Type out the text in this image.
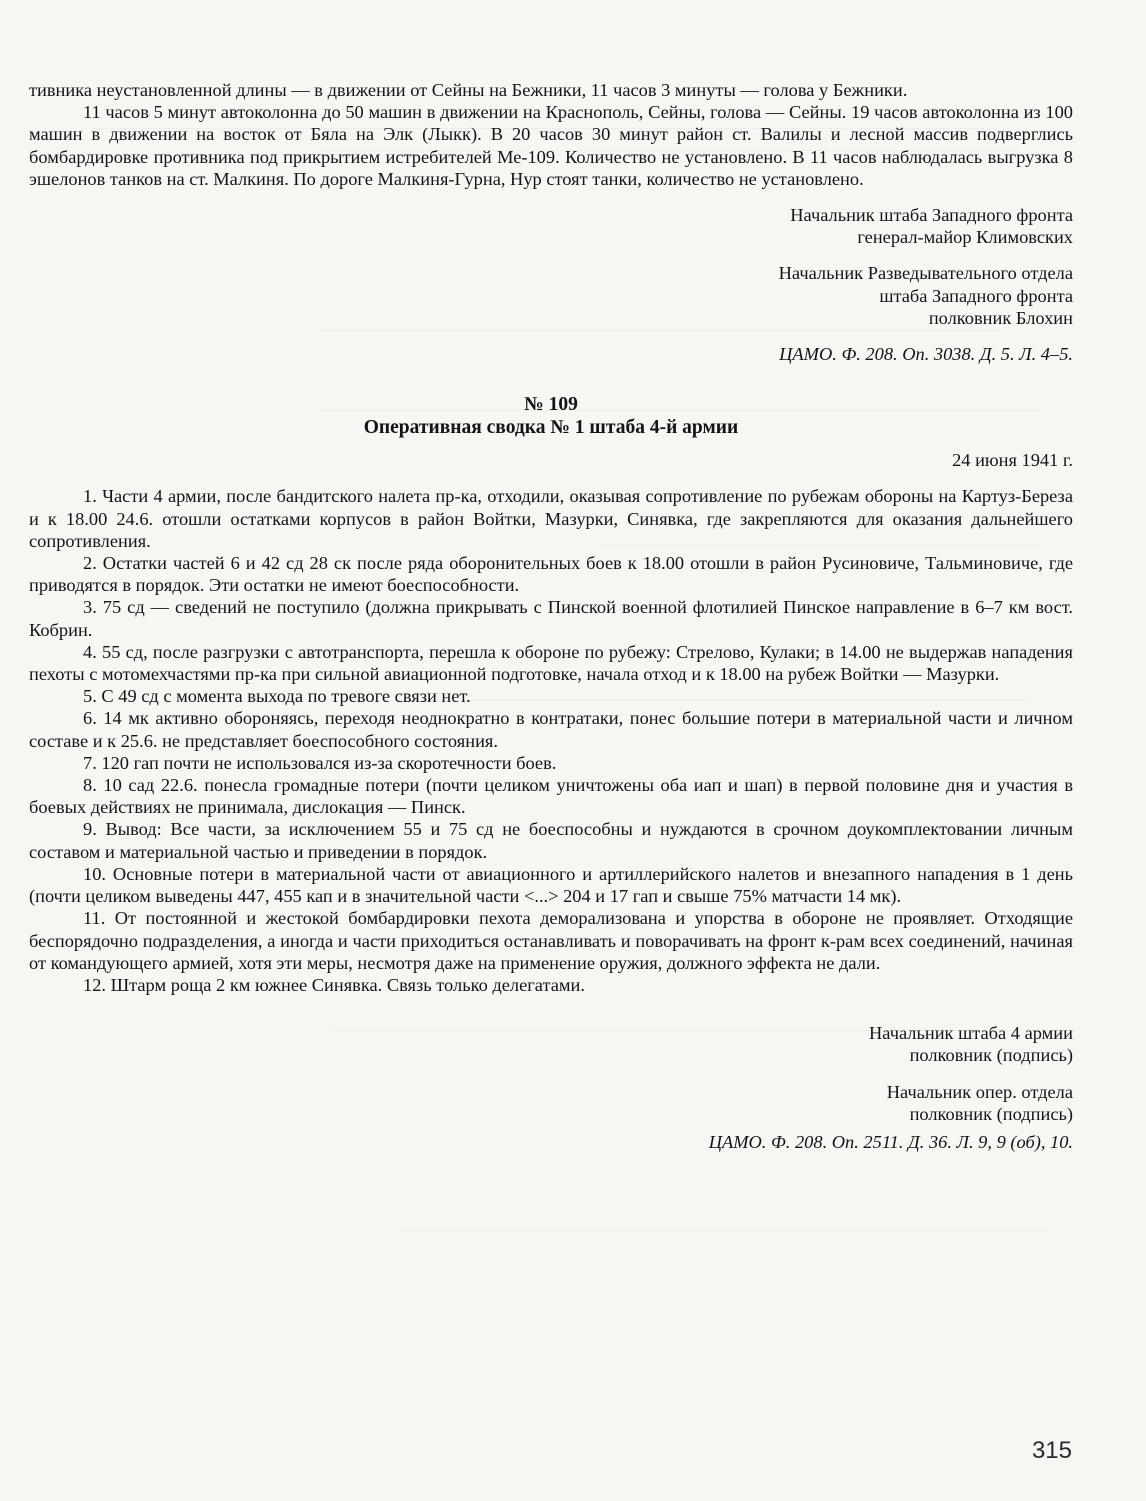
тивника неустановленной длины — в движении от Сейны на Бежники, 11 часов 3 минуты — голова у Бежники.

11 часов 5 минут автоколонна до 50 машин в движении на Краснополь, Сейны, голова — Сейны. 19 часов автоколонна из 100 машин в движении на восток от Бяла на Элк (Лыкк). В 20 часов 30 минут район ст. Валилы и лесной массив подверглись бомбардировке противника под прикрытием истребителей Ме-109. Количество не установлено. В 11 часов наблюдалась выгрузка 8 эшелонов танков на ст. Малкиня. По дороге Малкиня-Гурна, Нур стоят танки, количество не установлено.

Начальник штаба Западного фронта

генерал-майор Климовских

Начальник Разведывательного отдела

штаба Западного фронта

полковник Блохин

ЦАМО. Ф. 208. Оп. 3038. Д. 5. Л. 4–5.

№ 109

Оперативная сводка № 1 штаба 4-й армии

24 июня 1941 г.

1. Части 4 армии, после бандитского налета пр-ка, отходили, оказывая сопротивление по рубежам обороны на Картуз-Береза и к 18.00 24.6. отошли остатками корпусов в район Войтки, Мазурки, Синявка, где закрепляются для оказания дальнейшего сопротивления.

2. Остатки частей 6 и 42 сд 28 ск после ряда оборонительных боев к 18.00 отошли в район Русиновиче, Тальминовиче, где приводятся в порядок. Эти остатки не имеют боеспособности.

3. 75 сд — сведений не поступило (должна прикрывать с Пинской военной флотилией Пинское направление в 6–7 км вост. Кобрин.

4. 55 сд, после разгрузки с автотранспорта, перешла к обороне по рубежу: Стрелово, Кулаки; в 14.00 не выдержав нападения пехоты с мотомехчастями пр-ка при сильной авиационной подготовке, начала отход и к 18.00 на рубеж Войтки — Мазурки.

5. С 49 сд с момента выхода по тревоге связи нет.

6. 14 мк активно обороняясь, переходя неоднократно в контратаки, понес большие потери в материальной части и личном составе и к 25.6. не представляет боеспособного состояния.

7. 120 гап почти не использовался из-за скоротечности боев.

8. 10 сад 22.6. понесла громадные потери (почти целиком уничтожены оба иап и шап) в первой половине дня и участия в боевых действиях не принимала, дислокация — Пинск.

9. Вывод: Все части, за исключением 55 и 75 сд не боеспособны и нуждаются в срочном доукомплектовании личным составом и материальной частью и приведении в порядок.

10. Основные потери в материальной части от авиационного и артиллерийского налетов и внезапного нападения в 1 день (почти целиком выведены 447, 455 кап и в значительной части <...> 204 и 17 гап и свыше 75% матчасти 14 мк).

11. От постоянной и жестокой бомбардировки пехота деморализована и упорства в обороне не проявляет. Отходящие беспорядочно подразделения, а иногда и части приходиться останавливать и поворачивать на фронт к-рам всех соединений, начиная от командующего армией, хотя эти меры, несмотря даже на применение оружия, должного эффекта не дали.

12. Штарм роща 2 км южнее Синявка. Связь только делегатами.

Начальник штаба 4 армии

полковник (подпись)

Начальник опер. отдела

полковник (подпись)

ЦАМО. Ф. 208. Оп. 2511. Д. 36. Л. 9, 9 (об), 10.

315
